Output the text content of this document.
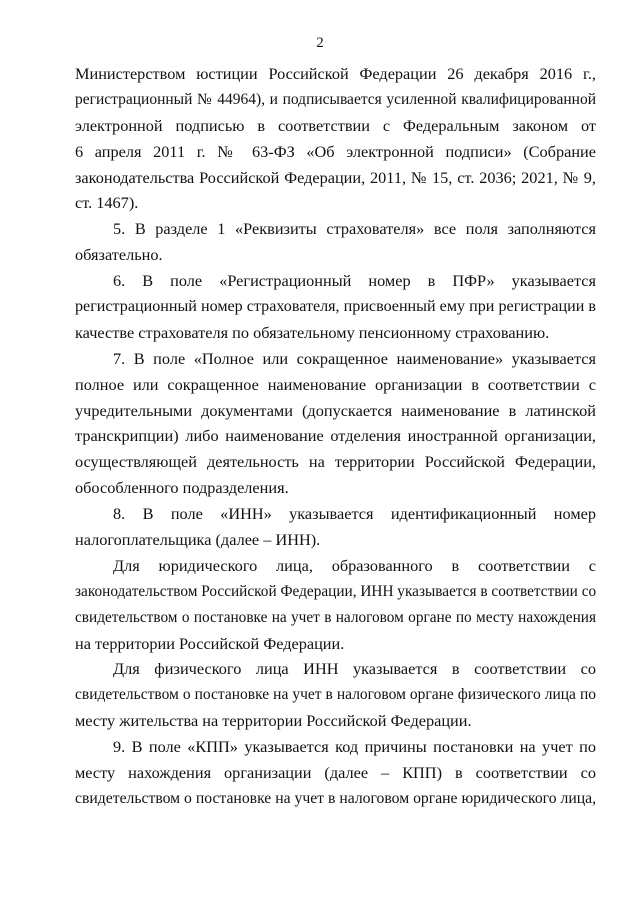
2
Министерством юстиции Российской Федерации 26 декабря 2016 г.,
регистрационный № 44964), и подписывается усиленной квалифицированной
электронной подписью в соответствии с Федеральным законом от
6 апреля 2011 г. № 63-ФЗ «Об электронной подписи» (Собрание
законодательства Российской Федерации, 2011, № 15, ст. 2036; 2021, № 9,
ст. 1467).
5. В разделе 1 «Реквизиты страхователя» все поля заполняются
обязательно.
6. В поле «Регистрационный номер в ПФР» указывается
регистрационный номер страхователя, присвоенный ему при регистрации в
качестве страхователя по обязательному пенсионному страхованию.
7. В поле «Полное или сокращенное наименование» указывается
полное или сокращенное наименование организации в соответствии с
учредительными документами (допускается наименование в латинской
транскрипции) либо наименование отделения иностранной организации,
осуществляющей деятельность на территории Российской Федерации,
обособленного подразделения.
8. В поле «ИНН» указывается идентификационный номер
налогоплательщика (далее – ИНН).
Для юридического лица, образованного в соответствии с
законодательством Российской Федерации, ИНН указывается в соответствии со
свидетельством о постановке на учет в налоговом органе по месту нахождения
на территории Российской Федерации.
Для физического лица ИНН указывается в соответствии со
свидетельством о постановке на учет в налоговом органе физического лица по
месту жительства на территории Российской Федерации.
9. В поле «КПП» указывается код причины постановки на учет по
месту нахождения организации (далее – КПП) в соответствии со
свидетельством о постановке на учет в налоговом органе юридического лица,
